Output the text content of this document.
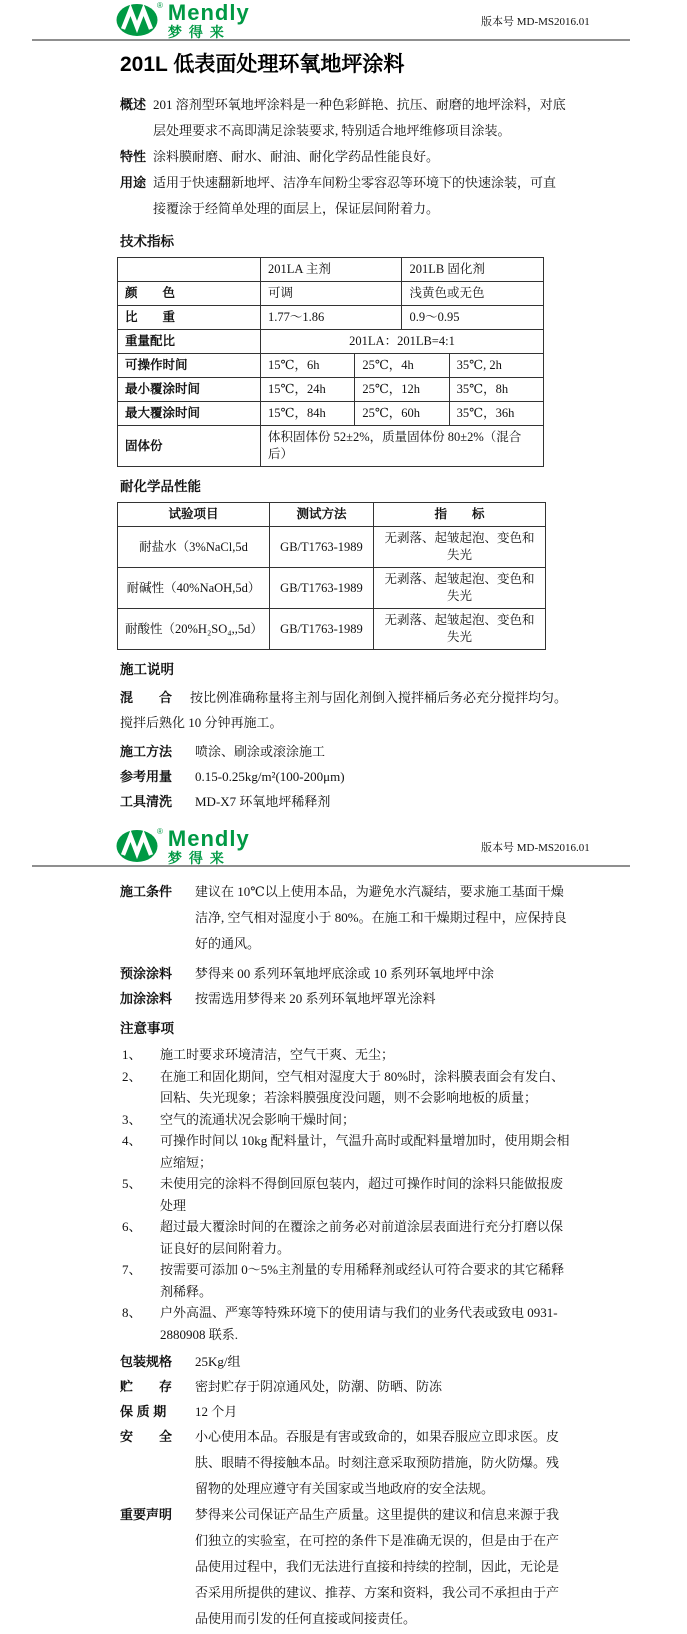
® Mendly
梦得来
版本号 MD-MS2016.01
201L 低表面处理环氧地坪涂料
概述 201 溶剂型环氧地坪涂料是一种色彩鲜艳、抗压、耐磨的地坪涂料，对底层处理要求不高即满足涂装要求, 特别适合地坪维修项目涂装。
特性 涂料膜耐磨、耐水、耐油、耐化学药品性能良好。
用途 适用于快速翻新地坪、洁净车间粉尘零容忍等环境下的快速涂装，可直接覆涂于经简单处理的面层上，保证层间附着力。
技术指标
	201LA 主剂		201LB 固化剂	
颜　　色	可调		浅黄色或无色	
比　　重	1.77～1.86		0.9～0.95	
重量配比	201LA：201LB=4:1			
可操作时间	15℃，6h	25℃，4h		35℃, 2h
最小覆涂时间	15℃，24h	25℃，12h		35℃，8h
最大覆涂时间	15℃，84h	25℃，60h		35℃，36h
固体份	体积固体份 52±2%，质量固体份 80±2%（混合后）			
耐化学品性能
试验项目	测试方法	指　　标
耐盐水（3%NaCl,5d	GB/T1763-1989	无剥落、起皱起泡、变色和失光
耐碱性（40%NaOH,5d）	GB/T1763-1989	无剥落、起皱起泡、变色和失光
耐酸性（20%H₂SO₄,,5d）	GB/T1763-1989	无剥落、起皱起泡、变色和失光
施工说明

混　　合 按比例准确称量将主剂与固化剂倒入搅拌桶后务必充分搅拌均匀。搅拌后熟化 10 分钟再施工。

施工方法	喷涂、刷涂或滚涂施工
参考用量	0.15-0.25kg/m²(100-200μm)
工具清洗	MD-X7 环氧地坪稀释剂
® Mendly
梦得来
版本号 MD-MS2016.01
施工条件	建议在 10℃以上使用本品，为避免水汽凝结，要求施工基面干燥洁净, 空气相对湿度小于 80%。在施工和干燥期过程中，应保持良好的通风。
预涂涂料	梦得来 00 系列环氧地坪底涂或 10 系列环氧地坪中涂
加涂涂料	按需选用梦得来 20 系列环氧地坪罩光涂料
注意事项
1、	施工时要求环境清洁，空气干爽、无尘；
2、	在施工和固化期间，空气相对湿度大于 80%时，涂料膜表面会有发白、回粘、失光现象；若涂料膜强度没问题，则不会影响地板的质量；
3、	空气的流通状况会影响干燥时间；
4、	可操作时间以 10kg 配料量计，气温升高时或配料量增加时，使用期会相应缩短；
5、	未使用完的涂料不得倒回原包装内，超过可操作时间的涂料只能做报废处理
6、	超过最大覆涂时间的在覆涂之前务必对前道涂层表面进行充分打磨以保证良好的层间附着力。
7、	按需要可添加 0～5%主剂量的专用稀释剂或经认可符合要求的其它稀释剂稀释。
8、	户外高温、严寒等特殊环境下的使用请与我们的业务代表或致电 0931-2880908 联系.
包装规格	25Kg/组
贮　　存	密封贮存于阴凉通风处，防潮、防晒、防冻
保 质 期	12 个月
安　　全	小心使用本品。吞服是有害或致命的，如果吞服应立即求医。皮肤、眼睛不得接触本品。时刻注意采取预防措施，防火防爆。残留物的处理应遵守有关国家或当地政府的安全法规。
重要声明	梦得来公司保证产品生产质量。这里提供的建议和信息来源于我们独立的实验室，在可控的条件下是准确无误的，但是由于在产品使用过程中，我们无法进行直接和持续的控制，因此，无论是否采用所提供的建议、推荐、方案和资料，我公司不承担由于产品使用而引发的任何直接或间接责任。
